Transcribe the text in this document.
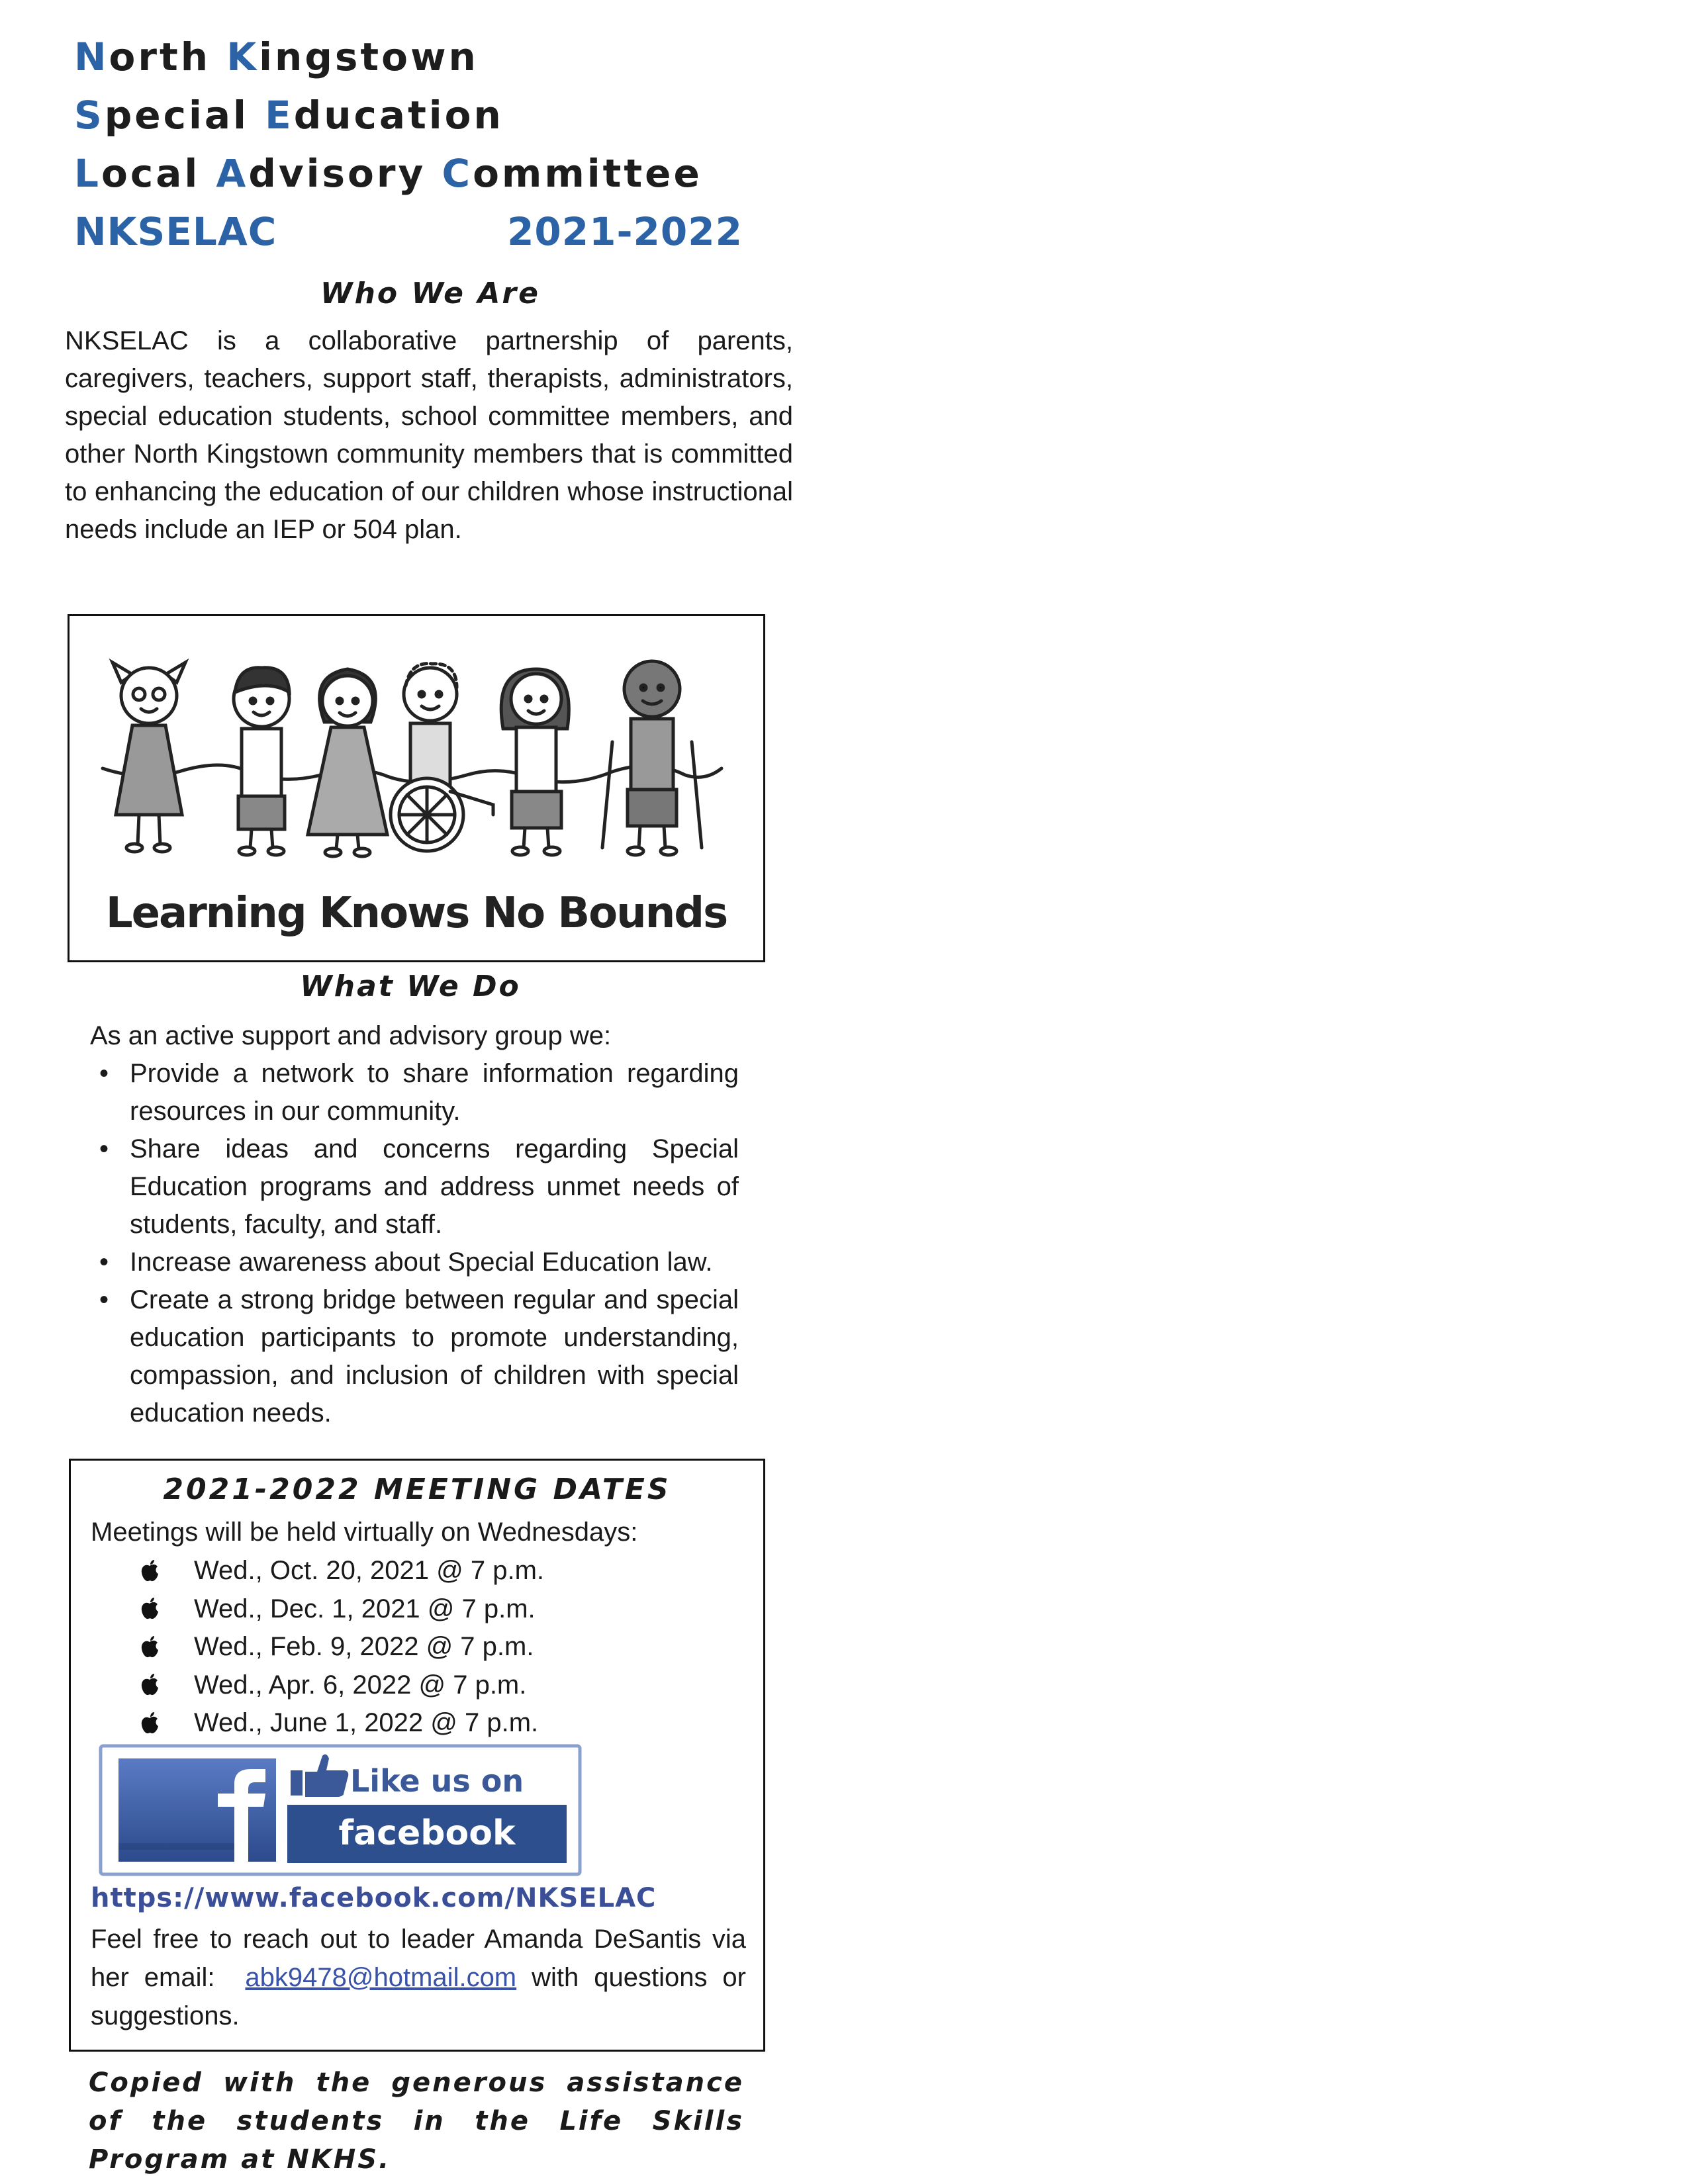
North Kingstown
Special Education
Local Advisory Committee
NKSELAC	2021-2022
Who We Are
NKSELAC is a collaborative partnership of parents, caregivers, teachers, support staff, therapists, administrators, special education students, school committee members, and other North Kingstown community members that is committed to enhancing the education of our children whose instructional needs include an IEP or 504 plan.
Learning Knows No Bounds
What We Do
As an active support and advisory group we:
• Provide a network to share information regarding resources in our community.
• Share ideas and concerns regarding Special Education programs and address unmet needs of students, faculty, and staff.
• Increase awareness about Special Education law.
• Create a strong bridge between regular and special education participants to promote understanding, compassion, and inclusion of children with special education needs.
2021-2022 MEETING DATES
Meetings will be held virtually on Wednesdays:
Wed., Oct. 20, 2021 @ 7 p.m.
Wed., Dec. 1, 2021 @ 7 p.m.
Wed., Feb. 9, 2022 @ 7 p.m.
Wed., Apr. 6, 2022 @ 7 p.m.
Wed., June 1, 2022 @ 7 p.m.
Like us on
facebook
https://www.facebook.com/NKSELAC
Feel free to reach out to leader Amanda DeSantis via her email:  abk9478@hotmail.com with questions or suggestions.
Copied with the generous assistance of the students in the Life Skills Program at NKHS.
